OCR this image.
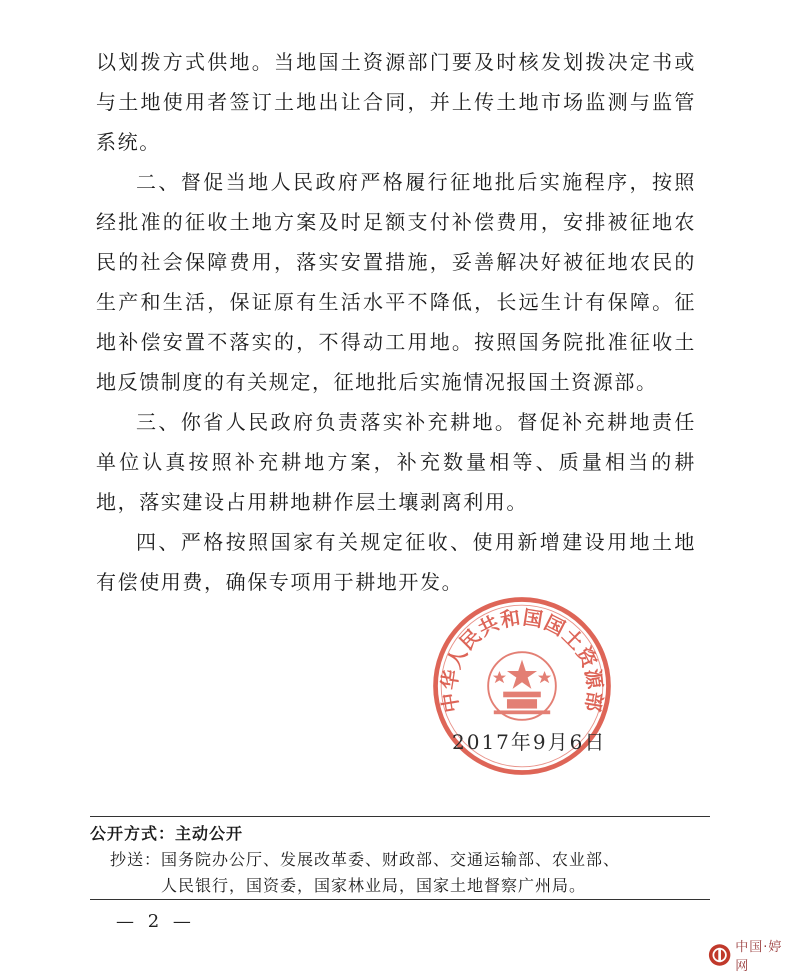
以划拨方式供地。当地国土资源部门要及时核发划拨决定书或与土地使用者签订土地出让合同，并上传土地市场监测与监管系统。

二、督促当地人民政府严格履行征地批后实施程序，按照经批准的征收土地方案及时足额支付补偿费用，安排被征地农民的社会保障费用，落实安置措施，妥善解决好被征地农民的生产和生活，保证原有生活水平不降低，长远生计有保障。征地补偿安置不落实的，不得动工用地。按照国务院批准征收土地反馈制度的有关规定，征地批后实施情况报国土资源部。

三、你省人民政府负责落实补充耕地。督促补充耕地责任单位认真按照补充耕地方案，补充数量相等、质量相当的耕地，落实建设占用耕地耕作层土壤剥离利用。

四、严格按照国家有关规定征收、使用新增建设用地土地有偿使用费，确保专项用于耕地开发。

中华人民共和国国土资源部
2017年9月6日
公开方式：主动公开
抄送： 国务院办公厅、发展改革委、财政部、交通运输部、农业部、
人民银行，国资委，国家林业局，国家土地督察广州局。
— 2 —
中国·婷网
